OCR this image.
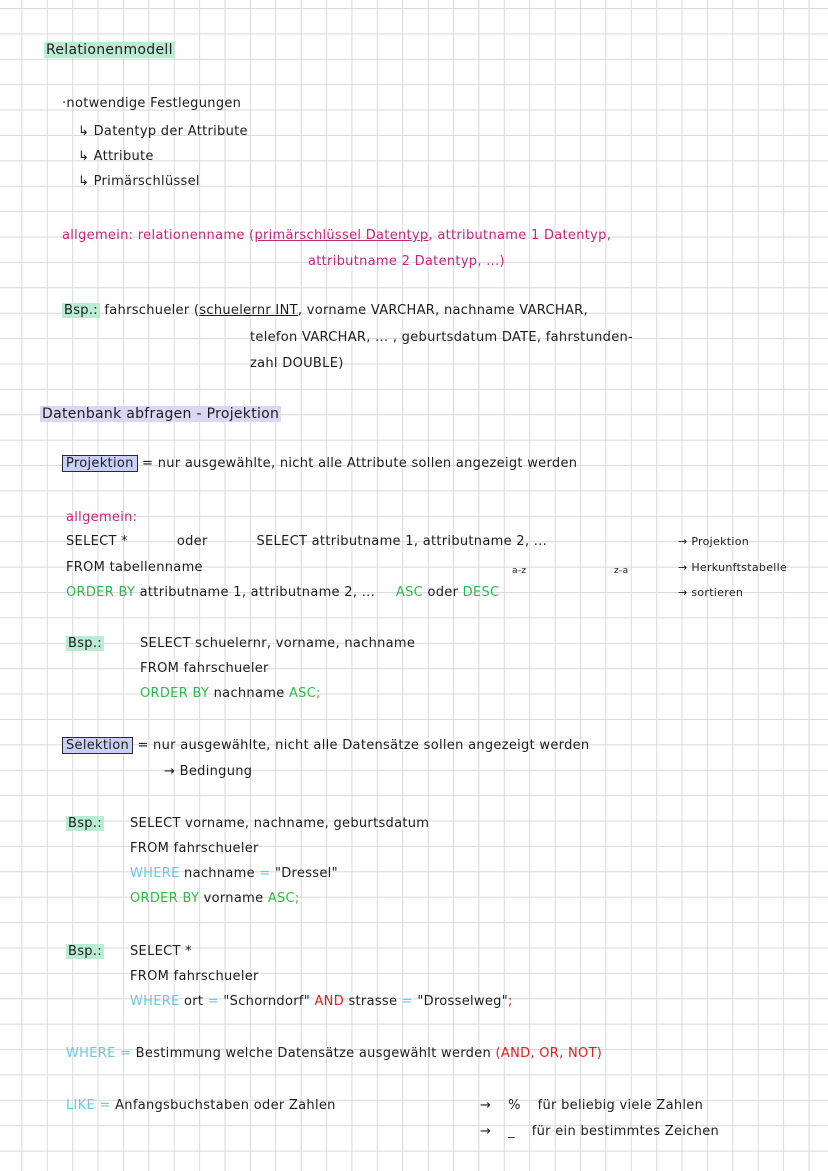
Relationenmodell
·notwendige Festlegungen
↳ Datentyp der Attribute
↳ Attribute
↳ Primärschlüssel
allgemein: relationenname (primärschlüssel Datentyp, attributname 1 Datentyp,
attributname 2 Datentyp, ...)
Bsp.: fahrschueler (schuelernr INT, vorname VARCHAR, nachname VARCHAR,
telefon VARCHAR, ... , geburtsdatum DATE, fahrstunden-
zahl DOUBLE)
Datenbank abfragen - Projektion
Projektion = nur ausgewählte, nicht alle Attribute sollen angezeigt werden
allgemein:
SELECT *	oder	SELECT attributname 1, attributname 2, ...	→ Projektion
FROM tabellenname	→ Herkunftstabelle
a-z	z-a
ORDER BY attributname 1, attributname 2, ... ASC oder DESC	→ sortieren
Bsp.:	SELECT schuelernr, vorname, nachname
FROM fahrschueler
ORDER BY nachname ASC;
Selektion = nur ausgewählte, nicht alle Datensätze sollen angezeigt werden
→ Bedingung
Bsp.: SELECT vorname, nachname, geburtsdatum
FROM fahrschueler
WHERE nachname = "Dressel"
ORDER BY vorname ASC;
Bsp.: SELECT *
FROM fahrschueler
WHERE ort = "Schorndorf" AND strasse = "Drosselweg";
WHERE = Bestimmung welche Datensätze ausgewählt werden (AND, OR, NOT)
LIKE = Anfangsbuchstaben oder Zahlen	→ % für beliebig viele Zahlen
→ _ für ein bestimmtes Zeichen
